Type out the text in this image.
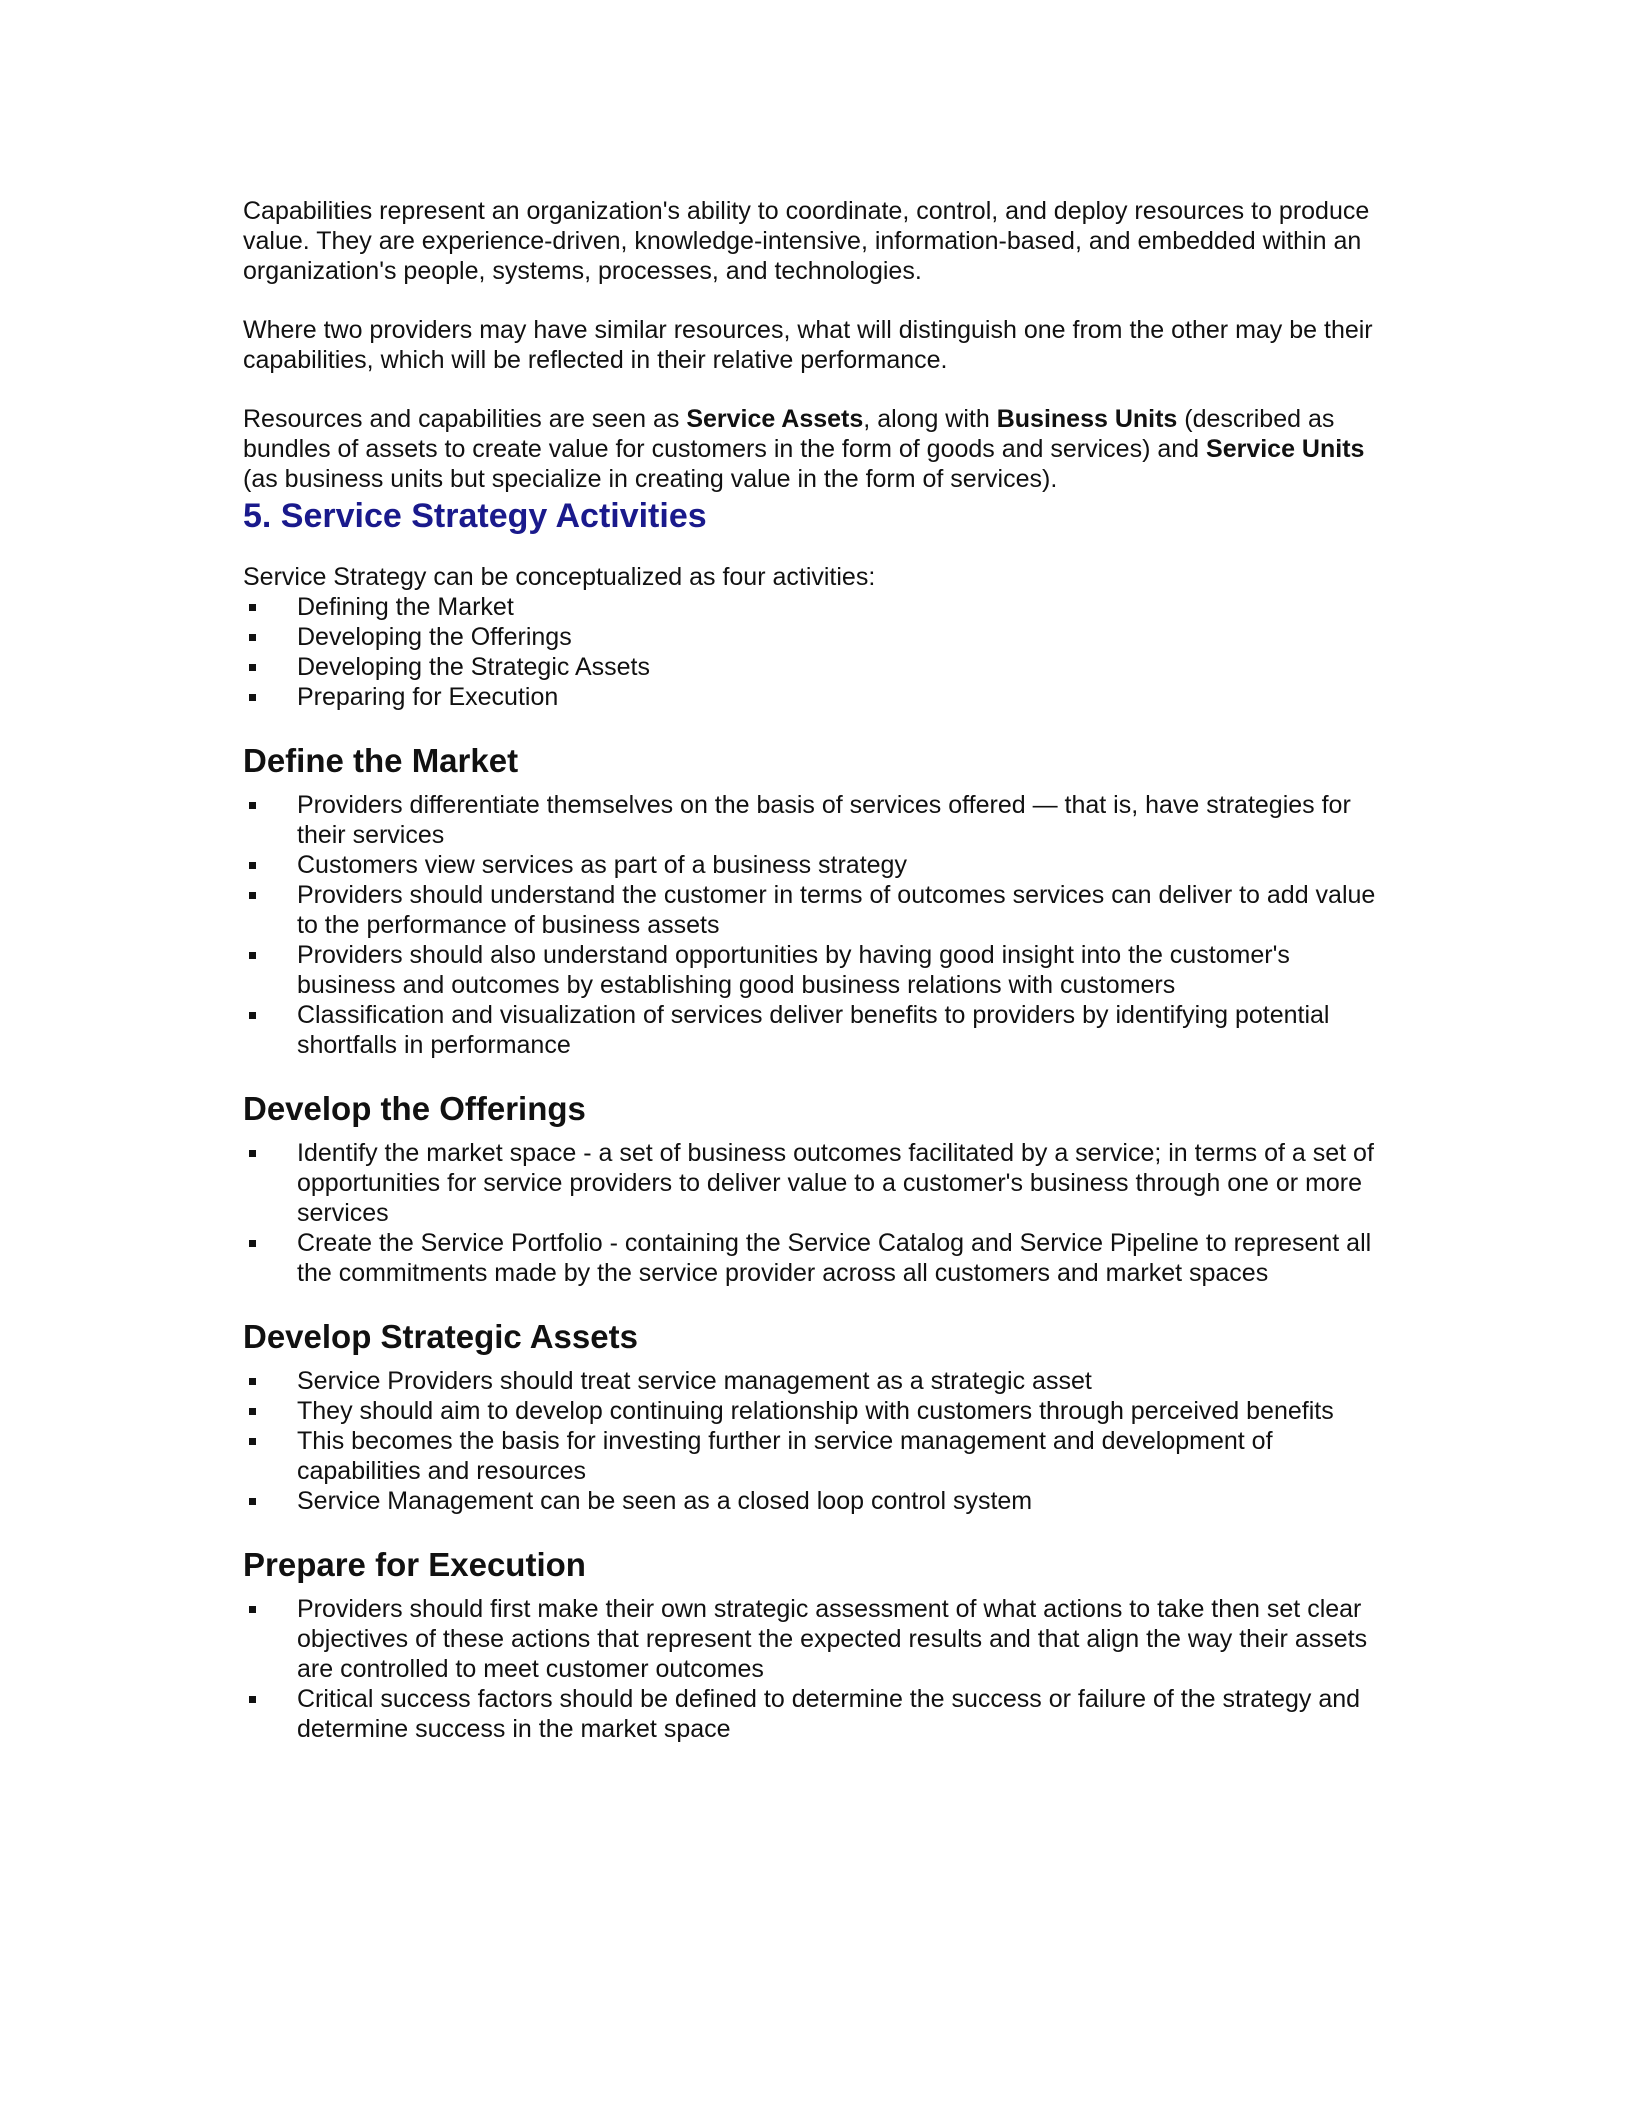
Capabilities represent an organization's ability to coordinate, control, and deploy resources to produce value. They are experience-driven, knowledge-intensive, information-based, and embedded within an organization's people, systems, processes, and technologies.

Where two providers may have similar resources, what will distinguish one from the other may be their capabilities, which will be reflected in their relative performance.

Resources and capabilities are seen as Service Assets, along with Business Units (described as bundles of assets to create value for customers in the form of goods and services) and Service Units (as business units but specialize in creating value in the form of services).

5. Service Strategy Activities

Service Strategy can be conceptualized as four activities:

Defining the Market
Developing the Offerings
Developing the Strategic Assets
Preparing for Execution
Define the Market
Providers differentiate themselves on the basis of services offered — that is, have strategies for their services
Customers view services as part of a business strategy
Providers should understand the customer in terms of outcomes services can deliver to add value to the performance of business assets
Providers should also understand opportunities by having good insight into the customer's business and outcomes by establishing good business relations with customers
Classification and visualization of services deliver benefits to providers by identifying potential shortfalls in performance
Develop the Offerings
Identify the market space - a set of business outcomes facilitated by a service; in terms of a set of opportunities for service providers to deliver value to a customer's business through one or more services
Create the Service Portfolio - containing the Service Catalog and Service Pipeline to represent all the commitments made by the service provider across all customers and market spaces
Develop Strategic Assets
Service Providers should treat service management as a strategic asset
They should aim to develop continuing relationship with customers through perceived benefits
This becomes the basis for investing further in service management and development of capabilities and resources
Service Management can be seen as a closed loop control system
Prepare for Execution
Providers should first make their own strategic assessment of what actions to take then set clear objectives of these actions that represent the expected results and that align the way their assets are controlled to meet customer outcomes
Critical success factors should be defined to determine the success or failure of the strategy and determine success in the market space
